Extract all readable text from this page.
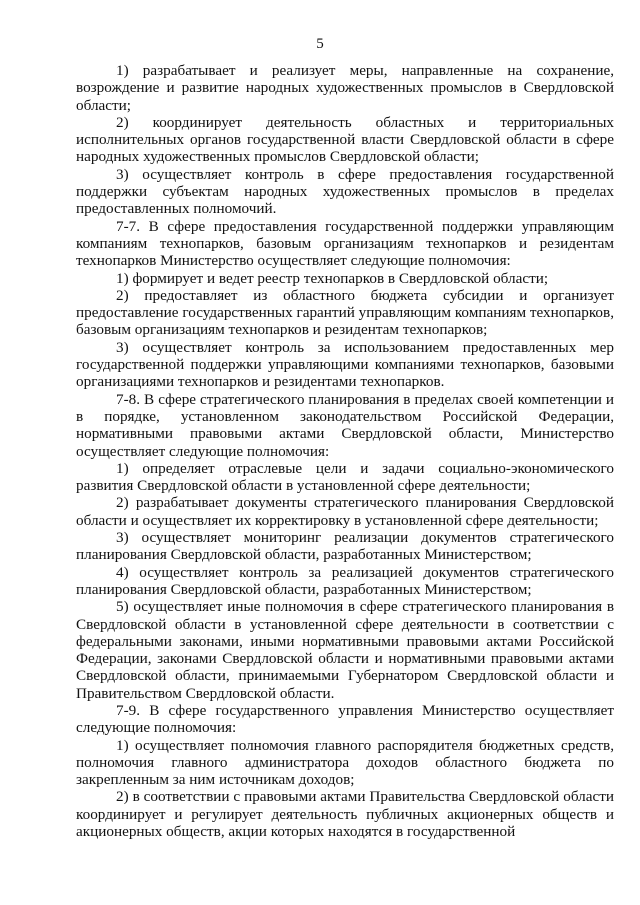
5

1) разрабатывает и реализует меры, направленные на сохранение, возрождение и развитие народных художественных промыслов в Свердловской области;

2) координирует деятельность областных и территориальных исполнительных органов государственной власти Свердловской области в сфере народных художественных промыслов Свердловской области;

3) осуществляет контроль в сфере предоставления государственной поддержки субъектам народных художественных промыслов в пределах предоставленных полномочий.

7-7. В сфере предоставления государственной поддержки управляющим компаниям технопарков, базовым организациям технопарков и резидентам технопарков Министерство осуществляет следующие полномочия:

1) формирует и ведет реестр технопарков в Свердловской области;

2) предоставляет из областного бюджета субсидии и организует предоставление государственных гарантий управляющим компаниям технопарков, базовым организациям технопарков и резидентам технопарков;

3) осуществляет контроль за использованием предоставленных мер государственной поддержки управляющими компаниями технопарков, базовыми организациями технопарков и резидентами технопарков.

7-8. В сфере стратегического планирования в пределах своей компетенции и в порядке, установленном законодательством Российской Федерации, нормативными правовыми актами Свердловской области, Министерство осуществляет следующие полномочия:

1) определяет отраслевые цели и задачи социально-экономического развития Свердловской области в установленной сфере деятельности;

2) разрабатывает документы стратегического планирования Свердловской области и осуществляет их корректировку в установленной сфере деятельности;

3) осуществляет мониторинг реализации документов стратегического планирования Свердловской области, разработанных Министерством;

4) осуществляет контроль за реализацией документов стратегического планирования Свердловской области, разработанных Министерством;

5) осуществляет иные полномочия в сфере стратегического планирования в Свердловской области в установленной сфере деятельности в соответствии с федеральными законами, иными нормативными правовыми актами Российской Федерации, законами Свердловской области и нормативными правовыми актами Свердловской области, принимаемыми Губернатором Свердловской области и Правительством Свердловской области.

7-9. В сфере государственного управления Министерство осуществляет следующие полномочия:

1) осуществляет полномочия главного распорядителя бюджетных средств, полномочия главного администратора доходов областного бюджета по закрепленным за ним источникам доходов;

2) в соответствии с правовыми актами Правительства Свердловской области координирует и регулирует деятельность публичных акционерных обществ и акционерных обществ, акции которых находятся в государственной
